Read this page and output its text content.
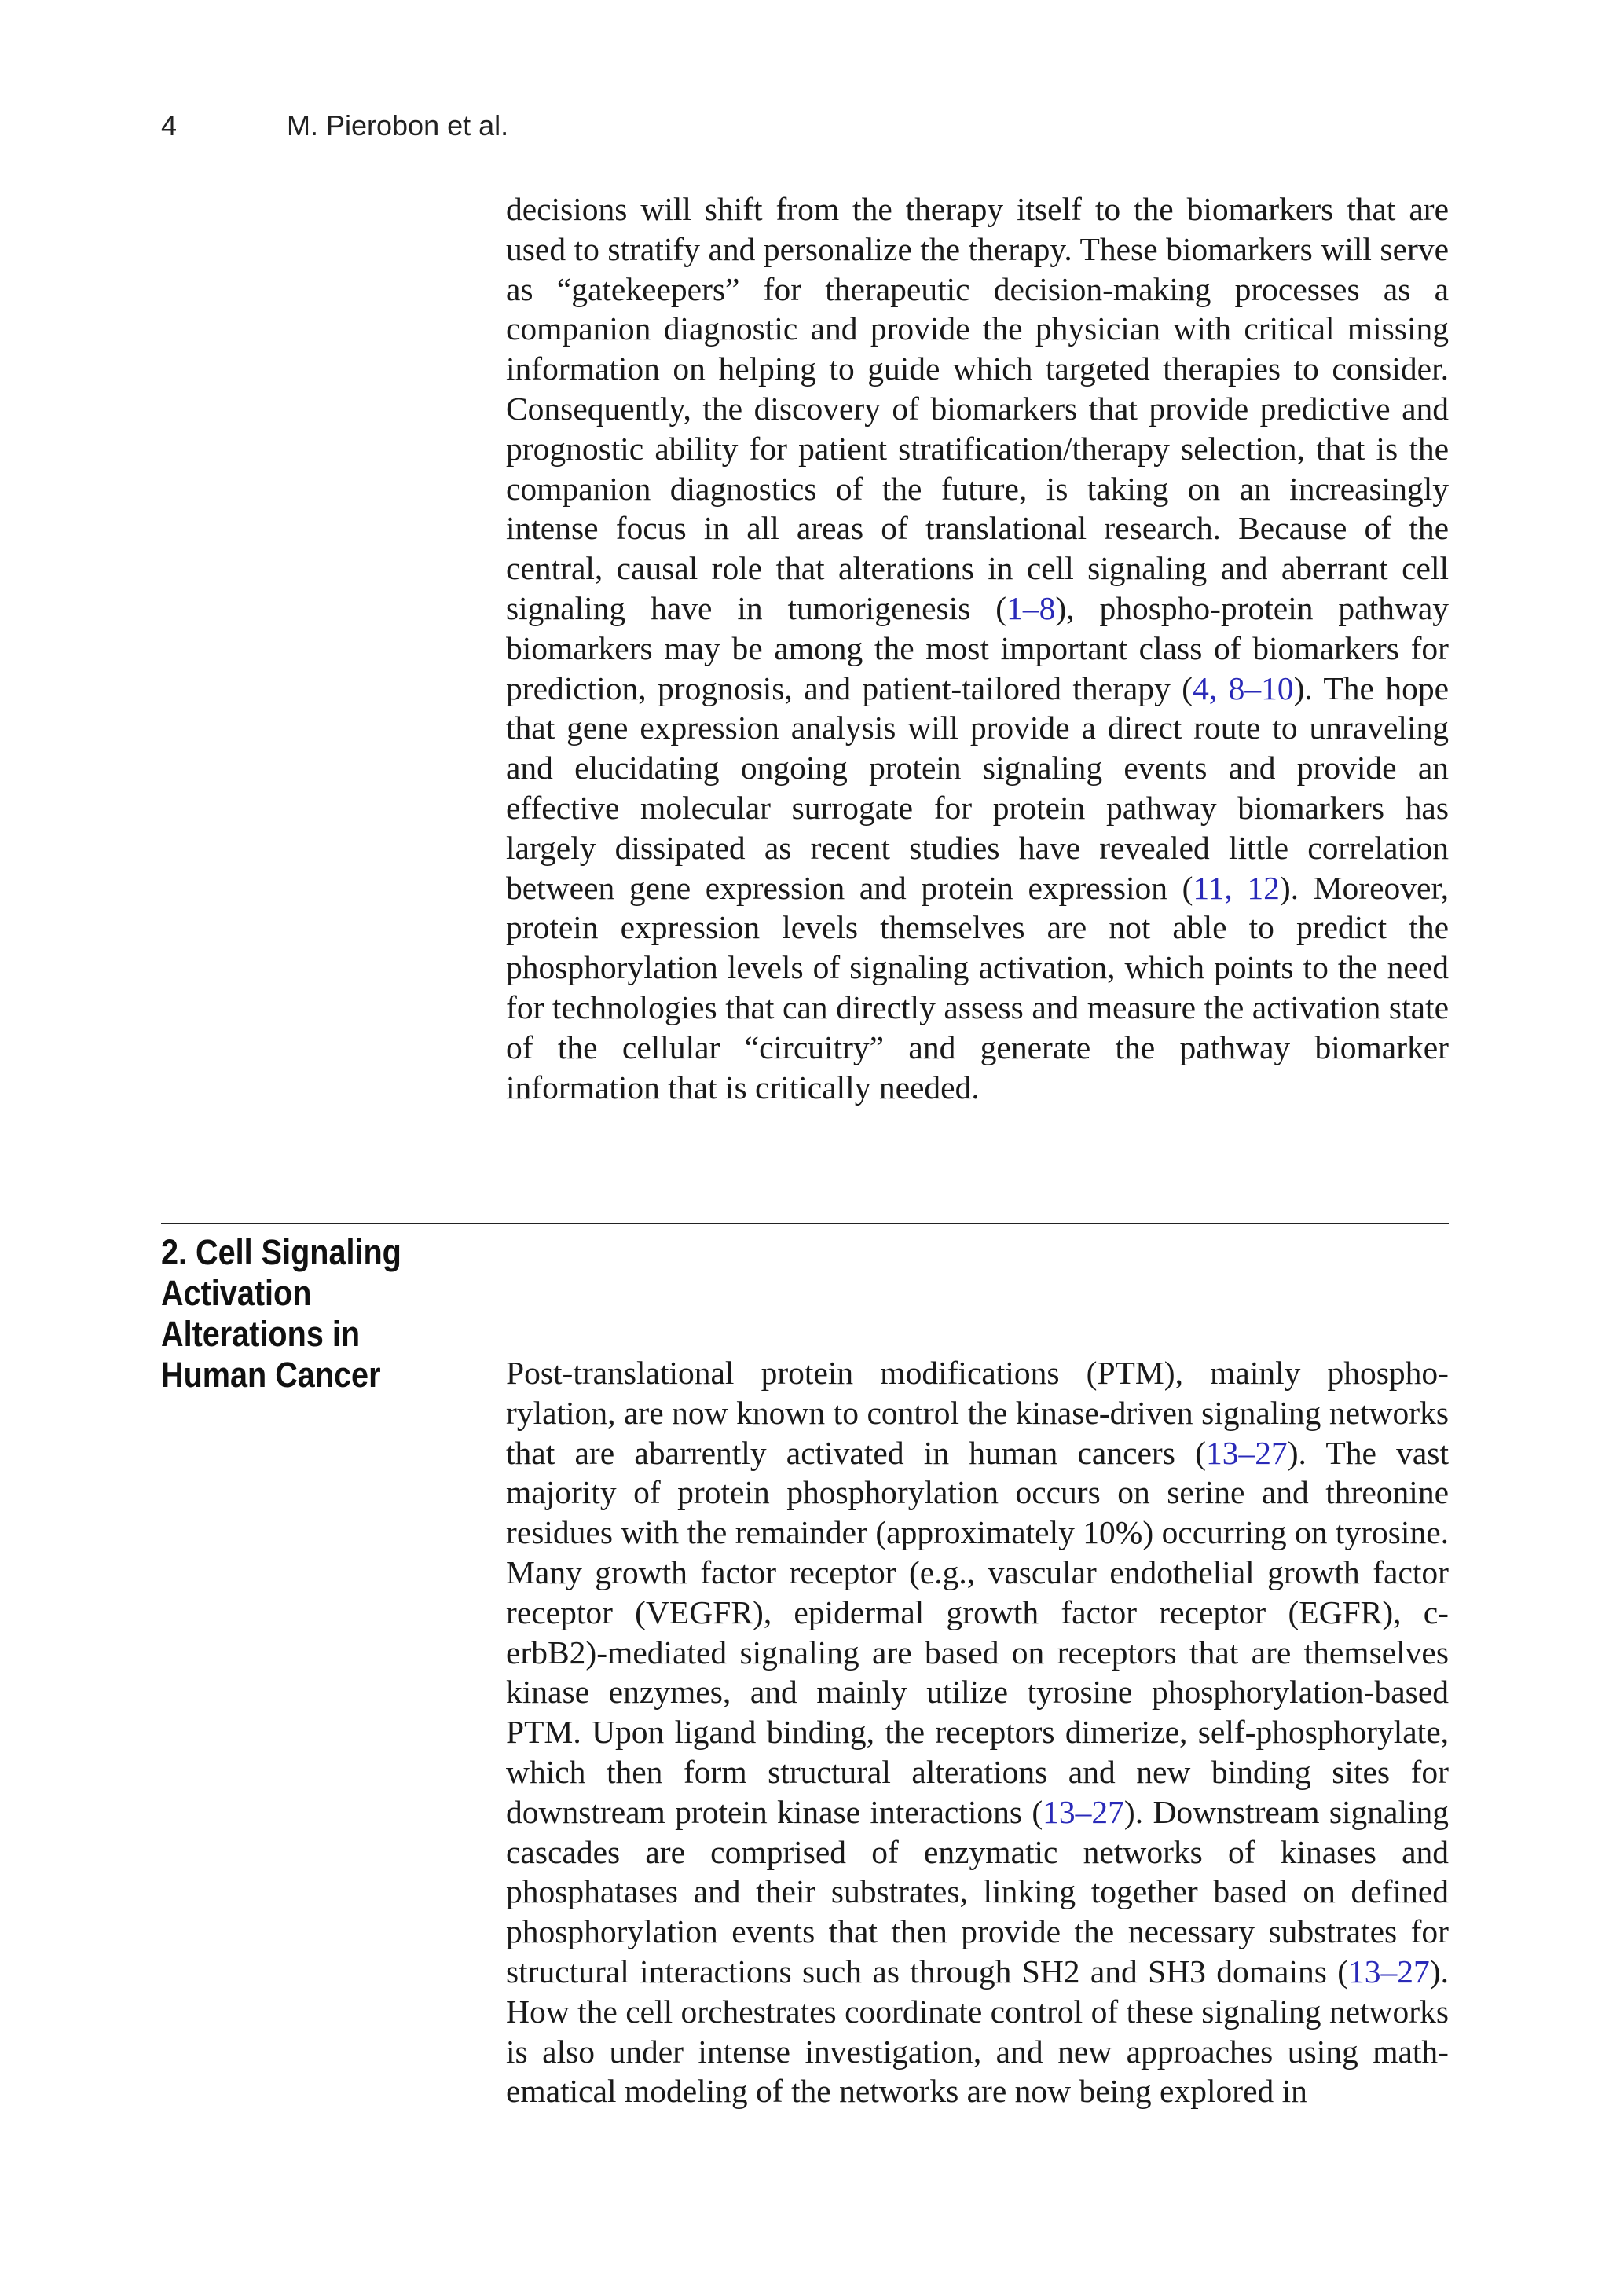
4	M. Pierobon et al.

decisions will shift from the therapy itself to the biomarkers that are used to stratify and personalize the therapy. These biomarkers will serve as “gatekeepers” for therapeutic decision-making processes as a companion diagnostic and provide the physician with critical missing information on helping to guide which targeted therapies to consider. Consequently, the discovery of biomarkers that provide predictive and prognostic ability for patient stratification/therapy selection, that is the companion diagnostics of the future, is taking on an increasingly intense focus in all areas of translational research. Because of the central, causal role that alterations in cell signaling and aberrant cell signaling have in tumorigenesis (1–8), phospho-protein pathway biomarkers may be among the most important class of biomarkers for prediction, prognosis, and patient-tailored therapy (4, 8–10). The hope that gene expression analysis will provide a direct route to unraveling and elucidating ongoing protein signaling events and provide an effective molecular surrogate for protein pathway biomarkers has largely dissipated as recent studies have revealed little correlation between gene expression and protein expression (11, 12). Moreover, protein expression levels themselves are not able to predict the phosphorylation levels of signaling activation, which points to the need for technologies that can directly assess and measure the activation state of the cellular “circuitry” and generate the pathway biomarker information that is critically needed.

2. Cell Signaling Activation Alterations in Human Cancer	Post-translational protein modifications (PTM), mainly phosphorylation, are now known to control the kinase-driven signaling networks that are abarrently activated in human cancers (13–27). The vast majority of protein phosphorylation occurs on serine and threonine residues with the remainder (approximately 10%) occurring on tyrosine. Many growth factor receptor (e.g., vascular endothelial growth factor receptor (VEGFR), epidermal growth factor receptor (EGFR), c-erbB2)-mediated signaling are based on receptors that are themselves kinase enzymes, and mainly utilize tyrosine phosphorylation-based PTM. Upon ligand binding, the receptors dimerize, self-phosphorylate, which then form structural alterations and new binding sites for downstream protein kinase interactions (13–27). Downstream signaling cascades are comprised of enzymatic networks of kinases and phosphatases and their substrates, linking together based on defined phosphorylation events that then provide the necessary substrates for structural interactions such as through SH2 and SH3 domains (13–27). How the cell orchestrates coordinate control of these signaling networks is also under intense investigation, and new approaches using mathematical modeling of the networks are now being explored in
